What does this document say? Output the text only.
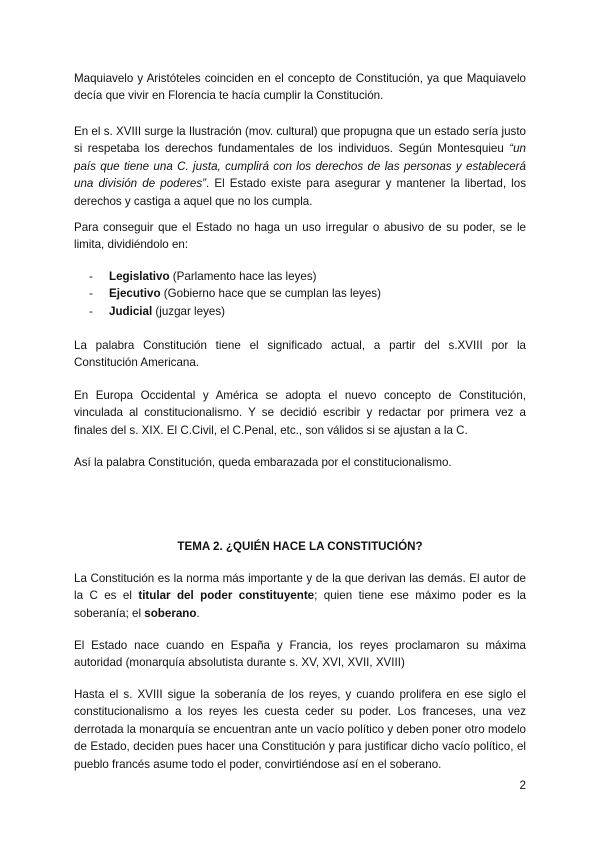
Maquiavelo y Aristóteles coinciden en el concepto de Constitución, ya que Maquiavelo decía que vivir en Florencia te hacía cumplir la Constitución.

En el s. XVIII surge la Ilustración (mov. cultural) que propugna que un estado sería justo si respetaba los derechos fundamentales de los individuos. Según Montesquieu “un país que tiene una C. justa, cumplirá con los derechos de las personas y establecerá una división de poderes”. El Estado existe para asegurar y mantener la libertad, los derechos y castiga a aquel que no los cumpla.

Para conseguir que el Estado no haga un uso irregular o abusivo de su poder, se le limita, dividiéndolo en:

- Legislativo (Parlamento hace las leyes)
- Ejecutivo (Gobierno hace que se cumplan las leyes)
- Judicial (juzgar leyes)

La palabra Constitución tiene el significado actual, a partir del s.XVIII por la Constitución Americana.

En Europa Occidental y América se adopta el nuevo concepto de Constitución, vinculada al constitucionalismo. Y se decidió escribir y redactar por primera vez a finales del s. XIX. El C.Civil, el C.Penal, etc., son válidos si se ajustan a la C.

Así la palabra Constitución, queda embarazada por el constitucionalismo.

TEMA 2. ¿QUIÉN HACE LA CONSTITUCIÓN?

La Constitución es la norma más importante y de la que derivan las demás. El autor de la C es el titular del poder constituyente; quien tiene ese máximo poder es la soberanía; el soberano.

El Estado nace cuando en España y Francia, los reyes proclamaron su máxima autoridad (monarquía absolutista durante s. XV, XVI, XVII, XVIII)

Hasta el s. XVIII sigue la soberanía de los reyes, y cuando prolifera en ese siglo el constitucionalismo a los reyes les cuesta ceder su poder. Los franceses, una vez derrotada la monarquía se encuentran ante un vacío político y deben poner otro modelo de Estado, deciden pues hacer una Constitución y para justificar dicho vacío político, el pueblo francés asume todo el poder, convirtiéndose así en el soberano.

2
